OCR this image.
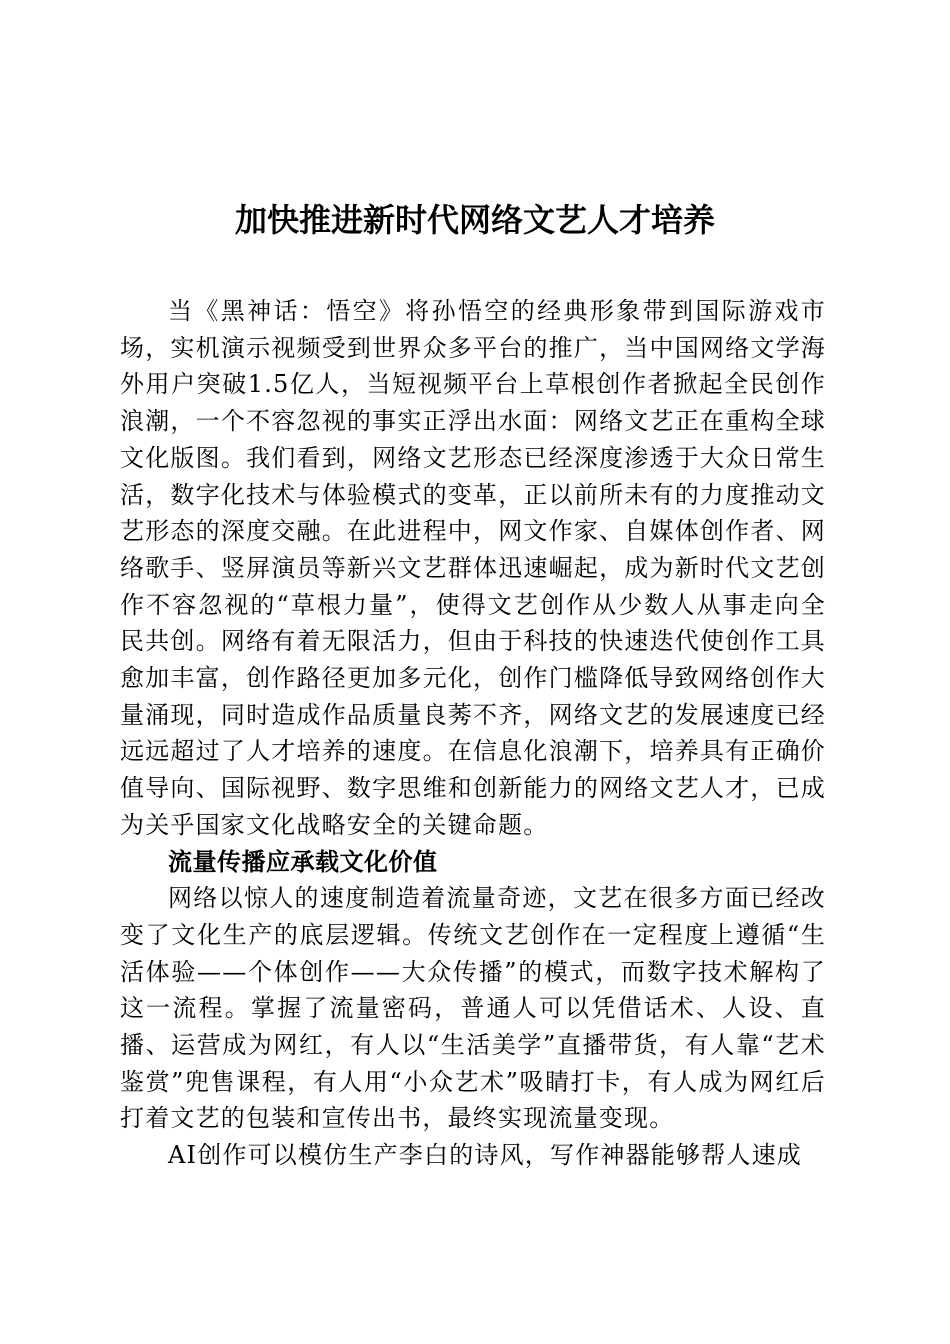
加快推进新时代网络文艺人才培养

当《黑神话：悟空》将孙悟空的经典形象带到国际游戏市场，实机演示视频受到世界众多平台的推广，当中国网络文学海外用户突破1.5亿人，当短视频平台上草根创作者掀起全民创作浪潮，一个不容忽视的事实正浮出水面：网络文艺正在重构全球文化版图。我们看到，网络文艺形态已经深度渗透于大众日常生活，数字化技术与体验模式的变革，正以前所未有的力度推动文艺形态的深度交融。在此进程中，网文作家、自媒体创作者、网络歌手、竖屏演员等新兴文艺群体迅速崛起，成为新时代文艺创作不容忽视的“草根力量”，使得文艺创作从少数人从事走向全民共创。网络有着无限活力，但由于科技的快速迭代使创作工具愈加丰富，创作路径更加多元化，创作门槛降低导致网络创作大量涌现，同时造成作品质量良莠不齐，网络文艺的发展速度已经远远超过了人才培养的速度。在信息化浪潮下，培养具有正确价值导向、国际视野、数字思维和创新能力的网络文艺人才，已成为关乎国家文化战略安全的关键命题。

流量传播应承载文化价值

网络以惊人的速度制造着流量奇迹，文艺在很多方面已经改变了文化生产的底层逻辑。传统文艺创作在一定程度上遵循“生活体验——个体创作——大众传播”的模式，而数字技术解构了这一流程。掌握了流量密码，普通人可以凭借话术、人设、直播、运营成为网红，有人以“生活美学”直播带货，有人靠“艺术鉴赏”兜售课程，有人用“小众艺术”吸睛打卡，有人成为网红后打着文艺的包装和宣传出书，最终实现流量变现。

AI创作可以模仿生产李白的诗风，写作神器能够帮人速成
